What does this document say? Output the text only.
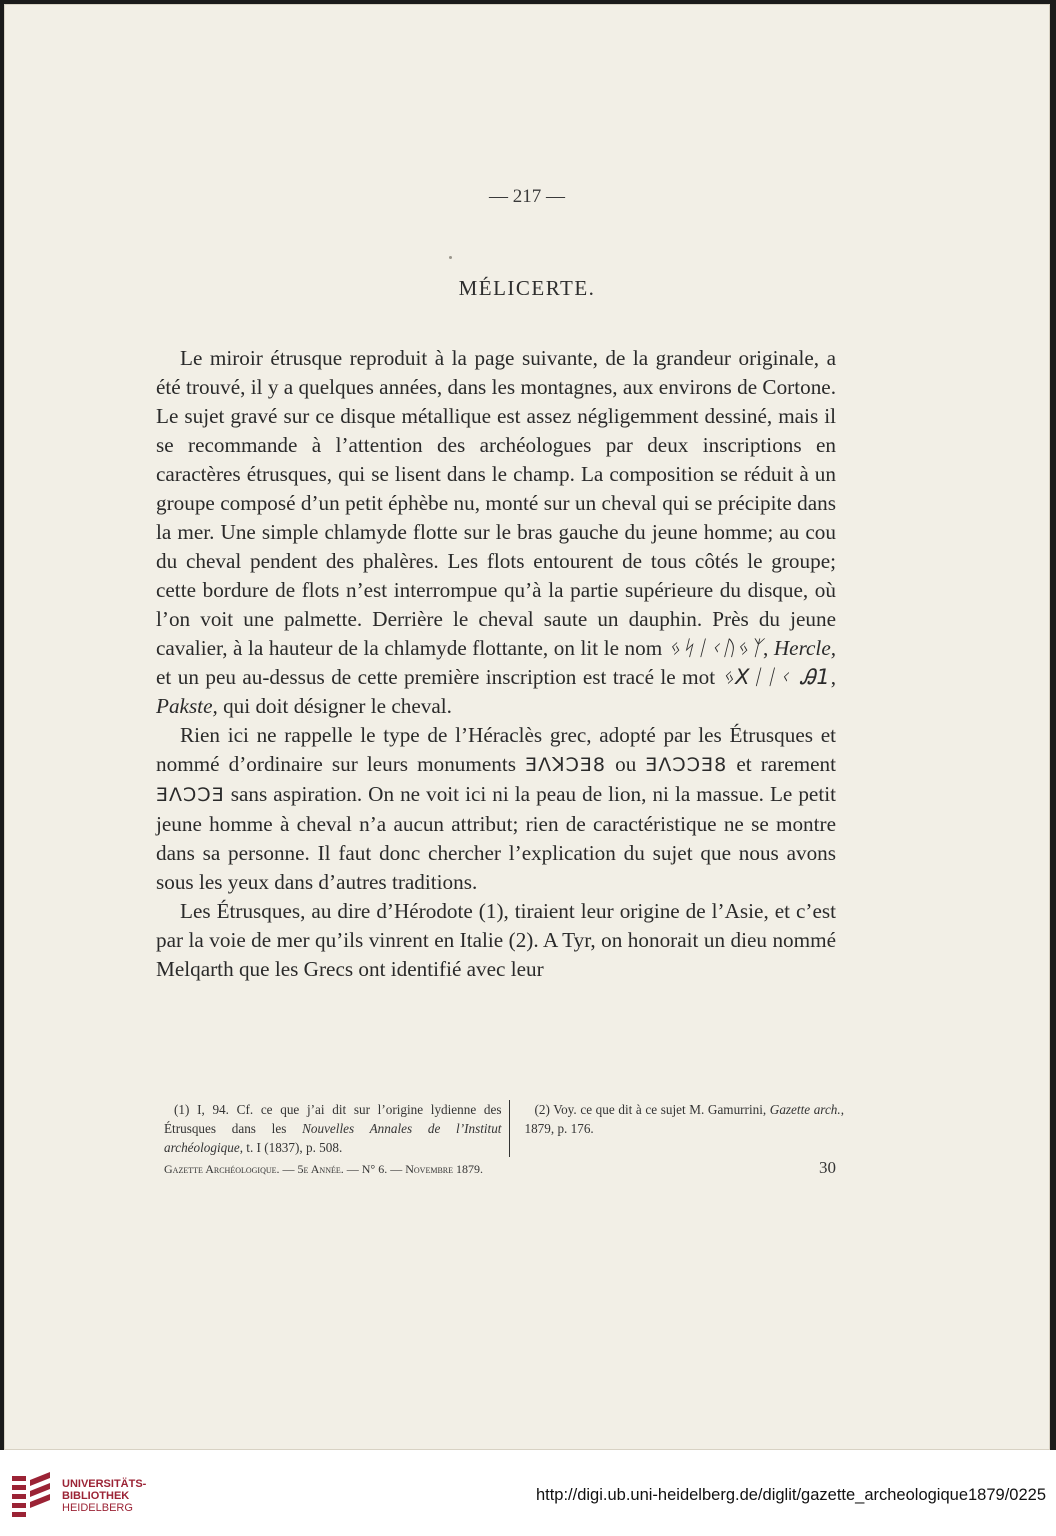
— 217 —
MÉLICERTE.

Le miroir étrusque reproduit à la page suivante, de la grandeur originale, a été trouvé, il y a quelques années, dans les montagnes, aux environs de Cortone. Le sujet gravé sur ce disque métallique est assez négligemment dessiné, mais il se recommande à l’attention des archéologues par deux inscriptions en caractères étrusques, qui se lisent dans le champ. La composition se réduit à un groupe composé d’un petit éphèbe nu, monté sur un cheval qui se précipite dans la mer. Une simple chlamyde flotte sur le bras gauche du jeune homme; au cou du cheval pendent des phalères. Les flots entourent de tous côtés le groupe; cette bordure de flots n’est interrompue qu’à la partie supérieure du disque, où l’on voit une palmette. Derrière le cheval saute un dauphin. Près du jeune cavalier, à la hauteur de la chlamyde flottante, on lit le nom ᛃᛋᛁᚲᚢᛃᛉ, Hercle, et un peu au-dessus de cette première inscription est tracé le mot ᛃXᛁᛁᚲ Ꭿ1, Pakste, qui doit désigner le cheval.

Rien ici ne rappelle le type de l’Héraclès grec, adopté par les Étrusques et nommé d’ordinaire sur leurs monuments ƎɅꓘƆƎ8 ou ƎɅƆƆƎ8 et rarement ƎɅƆƆƎ sans aspiration. On ne voit ici ni la peau de lion, ni la massue. Le petit jeune homme à cheval n’a aucun attribut; rien de caractéristique ne se montre dans sa personne. Il faut donc chercher l’explication du sujet que nous avons sous les yeux dans d’autres traditions.

Les Étrusques, au dire d’Hérodote (1), tiraient leur origine de l’Asie, et c’est par la voie de mer qu’ils vinrent en Italie (2). A Tyr, on honorait un dieu nommé Melqarth que les Grecs ont identifié avec leur

(1) I, 94. Cf. ce que j’ai dit sur l’origine lydienne des Étrusques dans les Nouvelles Annales de l’Institut archéologique, t. I (1837), p. 508.

(2) Voy. ce que dit à ce sujet M. Gamurrini, Gazette arch., 1879, p. 176.

Gazette Archéologique. — 5e Année. — N° 6. — Novembre 1879.	30
UNIVERSITÄTS-
BIBLIOTHEK
HEIDELBERG
http://digi.ub.uni-heidelberg.de/diglit/gazette_archeologique1879/0225
